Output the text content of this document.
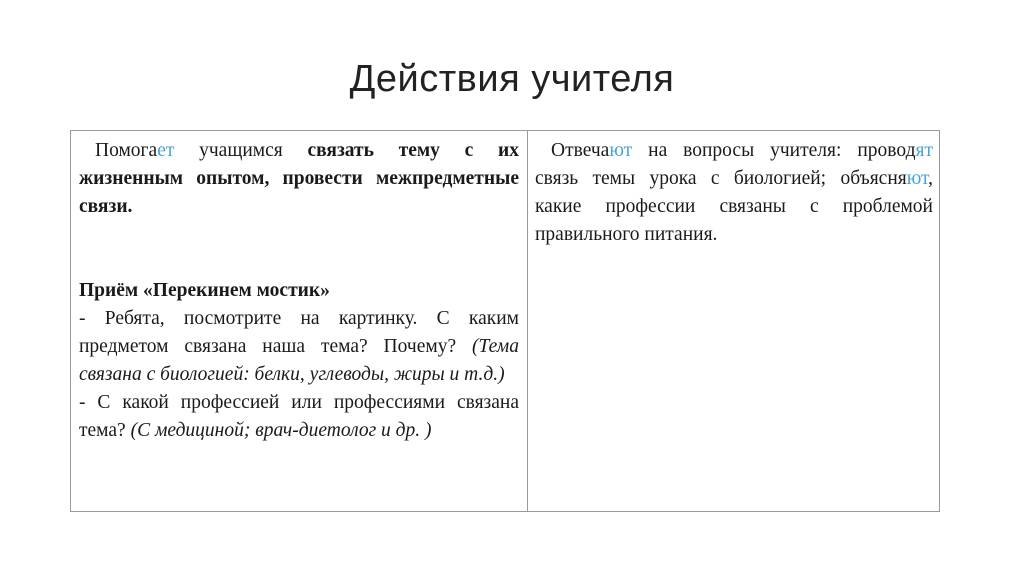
Действия учителя

Помогает учащимся связать тему с их жизненным опытом, провести межпредметные связи.

Приём «Перекинем мостик»

- Ребята, посмотрите на картинку. С каким предметом связана наша тема? Почему? (Тема связана с биологией: белки, углеводы, жиры и т.д.)

- С какой профессией или профессиями связана тема? (С медициной; врач-диетолог и др. )

Отвечают на вопросы учителя: проводят связь темы урока с биологией; объясняют, какие профессии связаны с проблемой правильного питания.
